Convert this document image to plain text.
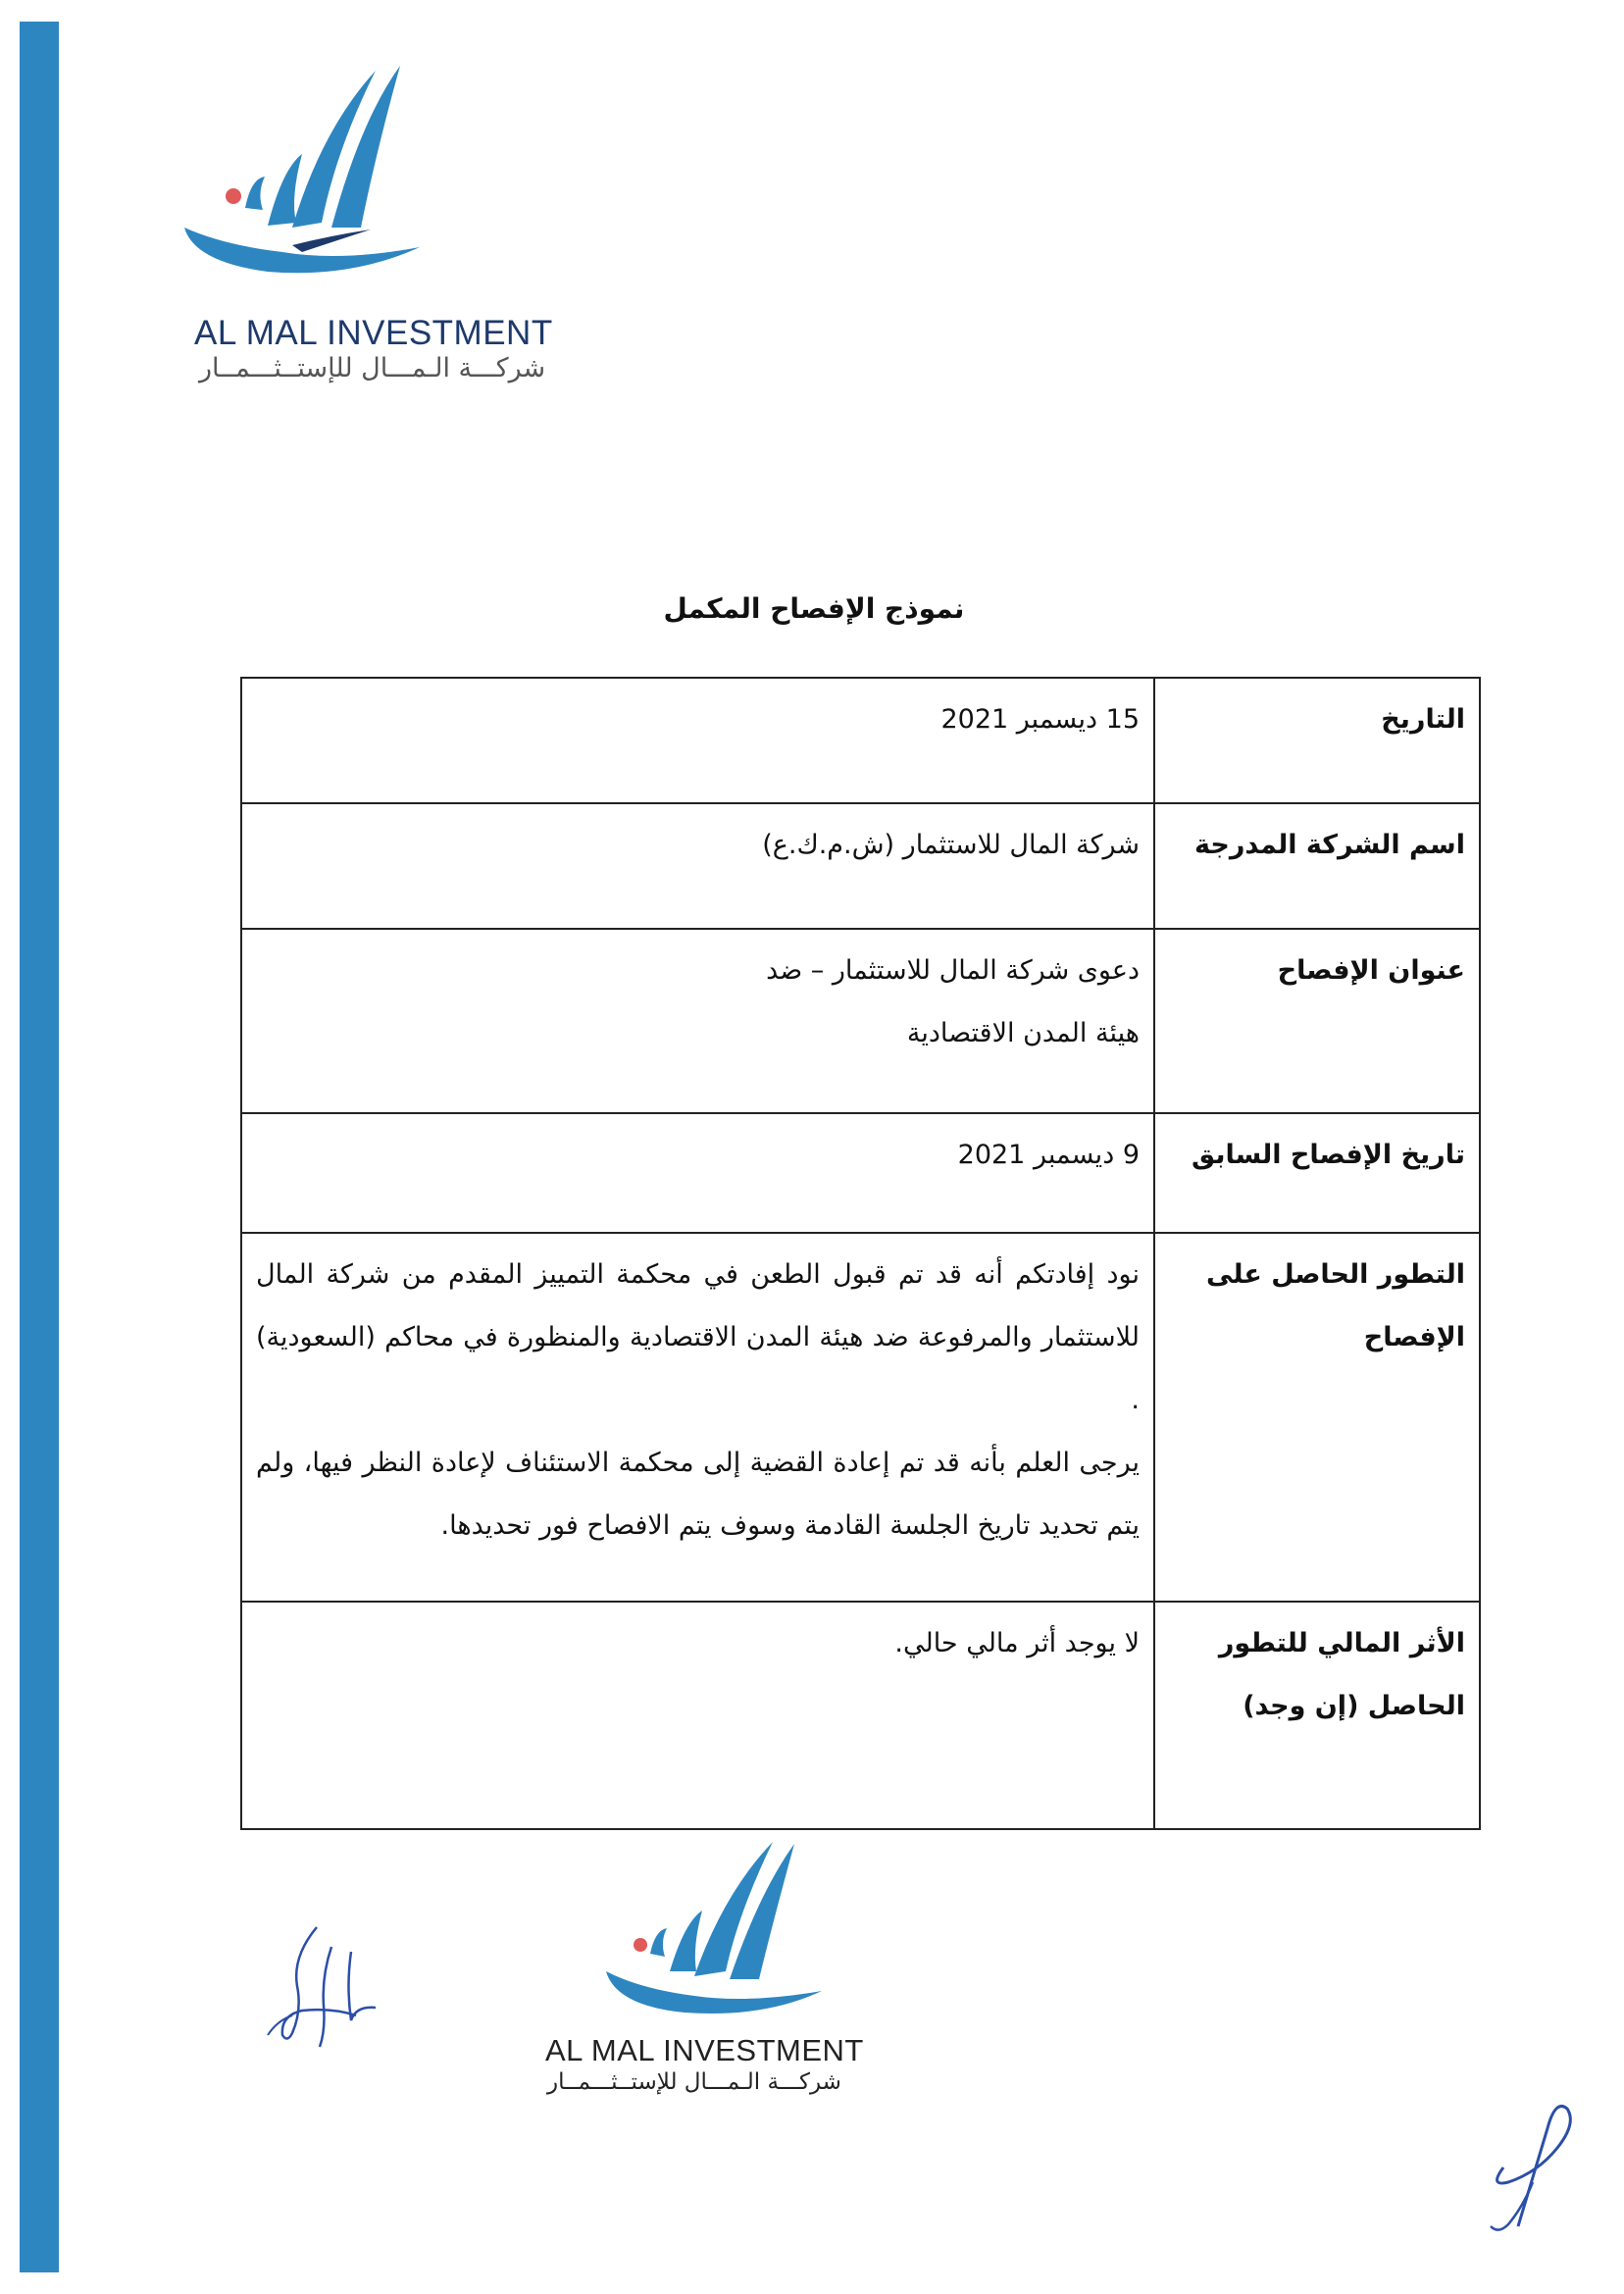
AL MAL INVESTMENT
شركـــة الـمـــال للإستــثـــمــار
نموذج الإفصاح المكمل
التاريخ	15 ديسمبر 2021
اسم الشركة المدرجة	شركة المال للاستثمار (ش.م.ك.ع)
عنوان الإفصاح	دعوى شركة المال للاستثمار – ضد
هيئة المدن الاقتصادية

تاريخ الإفصاح السابق	9 ديسمبر 2021
التطور الحاصل على الإفصاح	نود إفادتكم أنه قد تم قبول الطعن في محكمة التمييز المقدم من شركة المال للاستثمار والمرفوعة ضد هيئة المدن الاقتصادية والمنظورة في محاكم (السعودية) .
يرجى العلم بأنه قد تم إعادة القضية إلى محكمة الاستئناف لإعادة النظر فيها، ولم يتم تحديد تاريخ الجلسة القادمة وسوف يتم الافصاح فور تحديدها.

الأثر المالي للتطور الحاصل (إن وجد)	لا يوجد أثر مالي حالي.
AL MAL INVESTMENT
شركـــة الـمـــال للإستــثـــمــار
